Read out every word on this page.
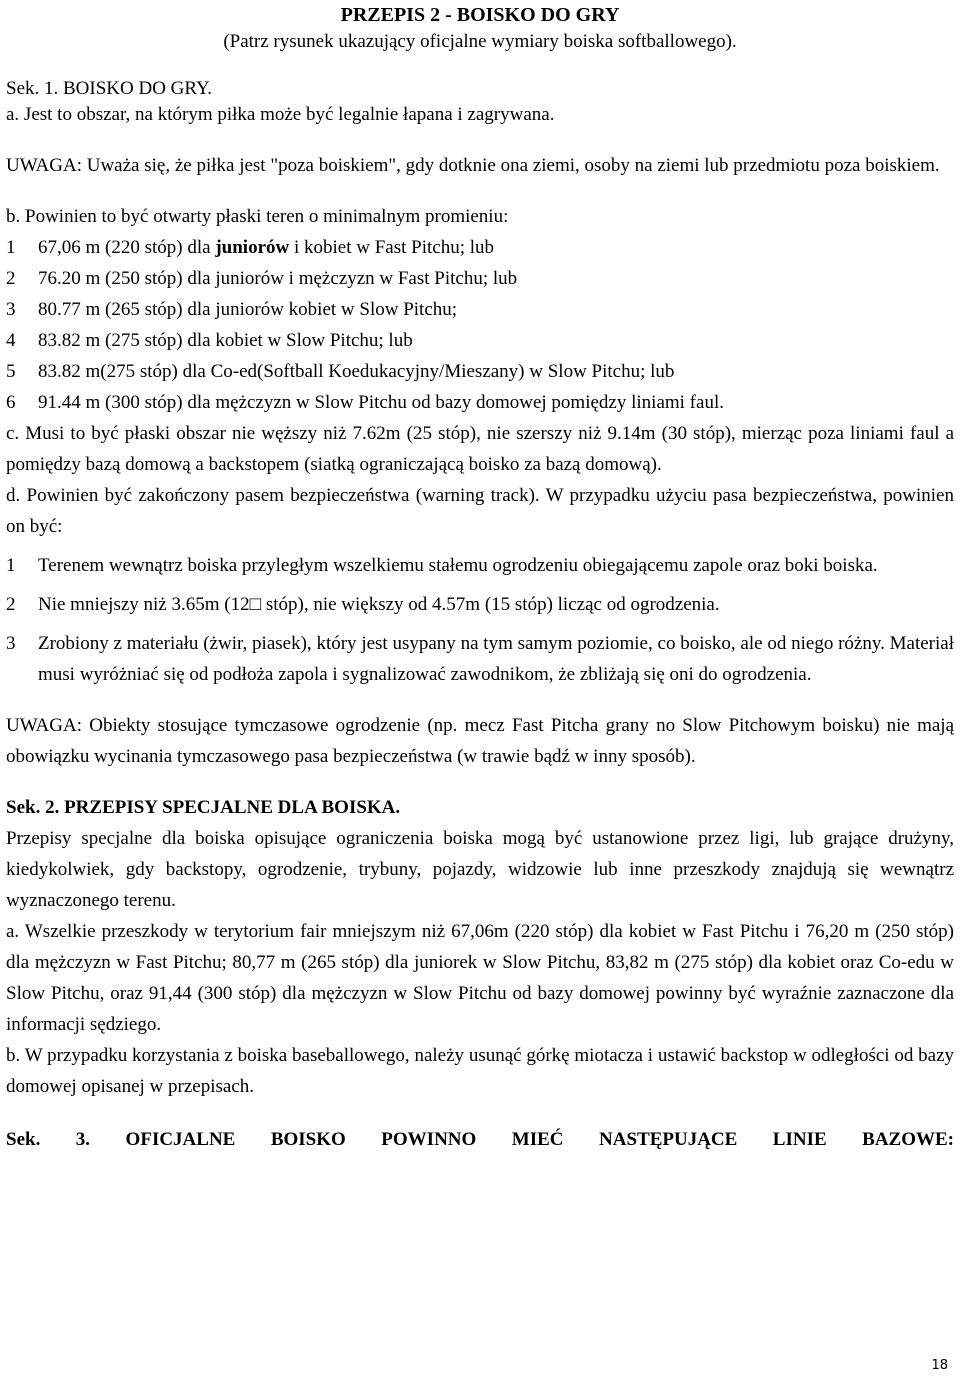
PRZEPIS 2 - BOISKO DO GRY
(Patrz rysunek ukazujący oficjalne wymiary boiska softballowego).

Sek. 1. BOISKO DO GRY.

a. Jest to obszar, na którym piłka może być legalnie łapana i zagrywana.

UWAGA: Uważa się, że piłka jest "poza boiskiem", gdy dotknie ona ziemi, osoby na ziemi lub przedmiotu poza boiskiem.

b. Powinien to być otwarty płaski teren o minimalnym promieniu:

1	67,06 m (220 stóp) dla juniorów i kobiet w Fast Pitchu; lub
2	76.20 m (250 stóp) dla juniorów i mężczyzn w Fast Pitchu; lub
3	80.77 m (265 stóp) dla juniorów kobiet w Slow Pitchu;
4	83.82 m (275 stóp) dla kobiet w Slow Pitchu; lub
5	83.82 m(275 stóp) dla Co-ed(Softball Koedukacyjny/Mieszany) w Slow Pitchu; lub
6	91.44 m (300 stóp) dla mężczyzn w Slow Pitchu od bazy domowej pomiędzy liniami faul.

c. Musi to być płaski obszar nie węższy niż 7.62m (25 stóp), nie szerszy niż 9.14m (30 stóp), mierząc poza liniami faul a pomiędzy bazą domową a backstopem (siatką ograniczającą boisko za bazą domową).

d. Powinien być zakończony pasem bezpieczeństwa (warning track). W przypadku użyciu pasa bezpieczeństwa, powinien on być:

1	Terenem wewnątrz boiska przyległym wszelkiemu stałemu ogrodzeniu obiegającemu zapole oraz boki boiska.
2	Nie mniejszy niż 3.65m (12□ stóp), nie większy od 4.57m (15 stóp) licząc od ogrodzenia.
3	Zrobiony z materiału (żwir, piasek), który jest usypany na tym samym poziomie, co boisko, ale od niego różny. Materiał musi wyróżniać się od podłoża zapola i sygnalizować zawodnikom, że zbliżają się oni do ogrodzenia.

UWAGA: Obiekty stosujące tymczasowe ogrodzenie (np. mecz Fast Pitcha grany no Slow Pitchowym boisku) nie mają obowiązku wycinania tymczasowego pasa bezpieczeństwa (w trawie bądź w inny sposób).

Sek. 2. PRZEPISY SPECJALNE DLA BOISKA.

Przepisy specjalne dla boiska opisujące ograniczenia boiska mogą być ustanowione przez ligi, lub grające drużyny, kiedykolwiek, gdy backstopy, ogrodzenie, trybuny, pojazdy, widzowie lub inne przeszkody znajdują się wewnątrz wyznaczonego terenu.

a. Wszelkie przeszkody w terytorium fair mniejszym niż 67,06m (220 stóp) dla kobiet w Fast Pitchu i 76,20 m (250 stóp) dla mężczyzn w Fast Pitchu; 80,77 m (265 stóp) dla juniorek w Slow Pitchu, 83,82 m (275 stóp) dla kobiet oraz Co-edu w Slow Pitchu, oraz 91,44 (300 stóp) dla mężczyzn w Slow Pitchu od bazy domowej powinny być wyraźnie zaznaczone dla informacji sędziego.

b. W przypadku korzystania z boiska baseballowego, należy usunąć górkę miotacza i ustawić backstop w odległości od bazy domowej opisanej w przepisach.

Sek. 3. OFICJALNE BOISKO POWINNO MIEĆ NASTĘPUJĄCE LINIE BAZOWE:

18
